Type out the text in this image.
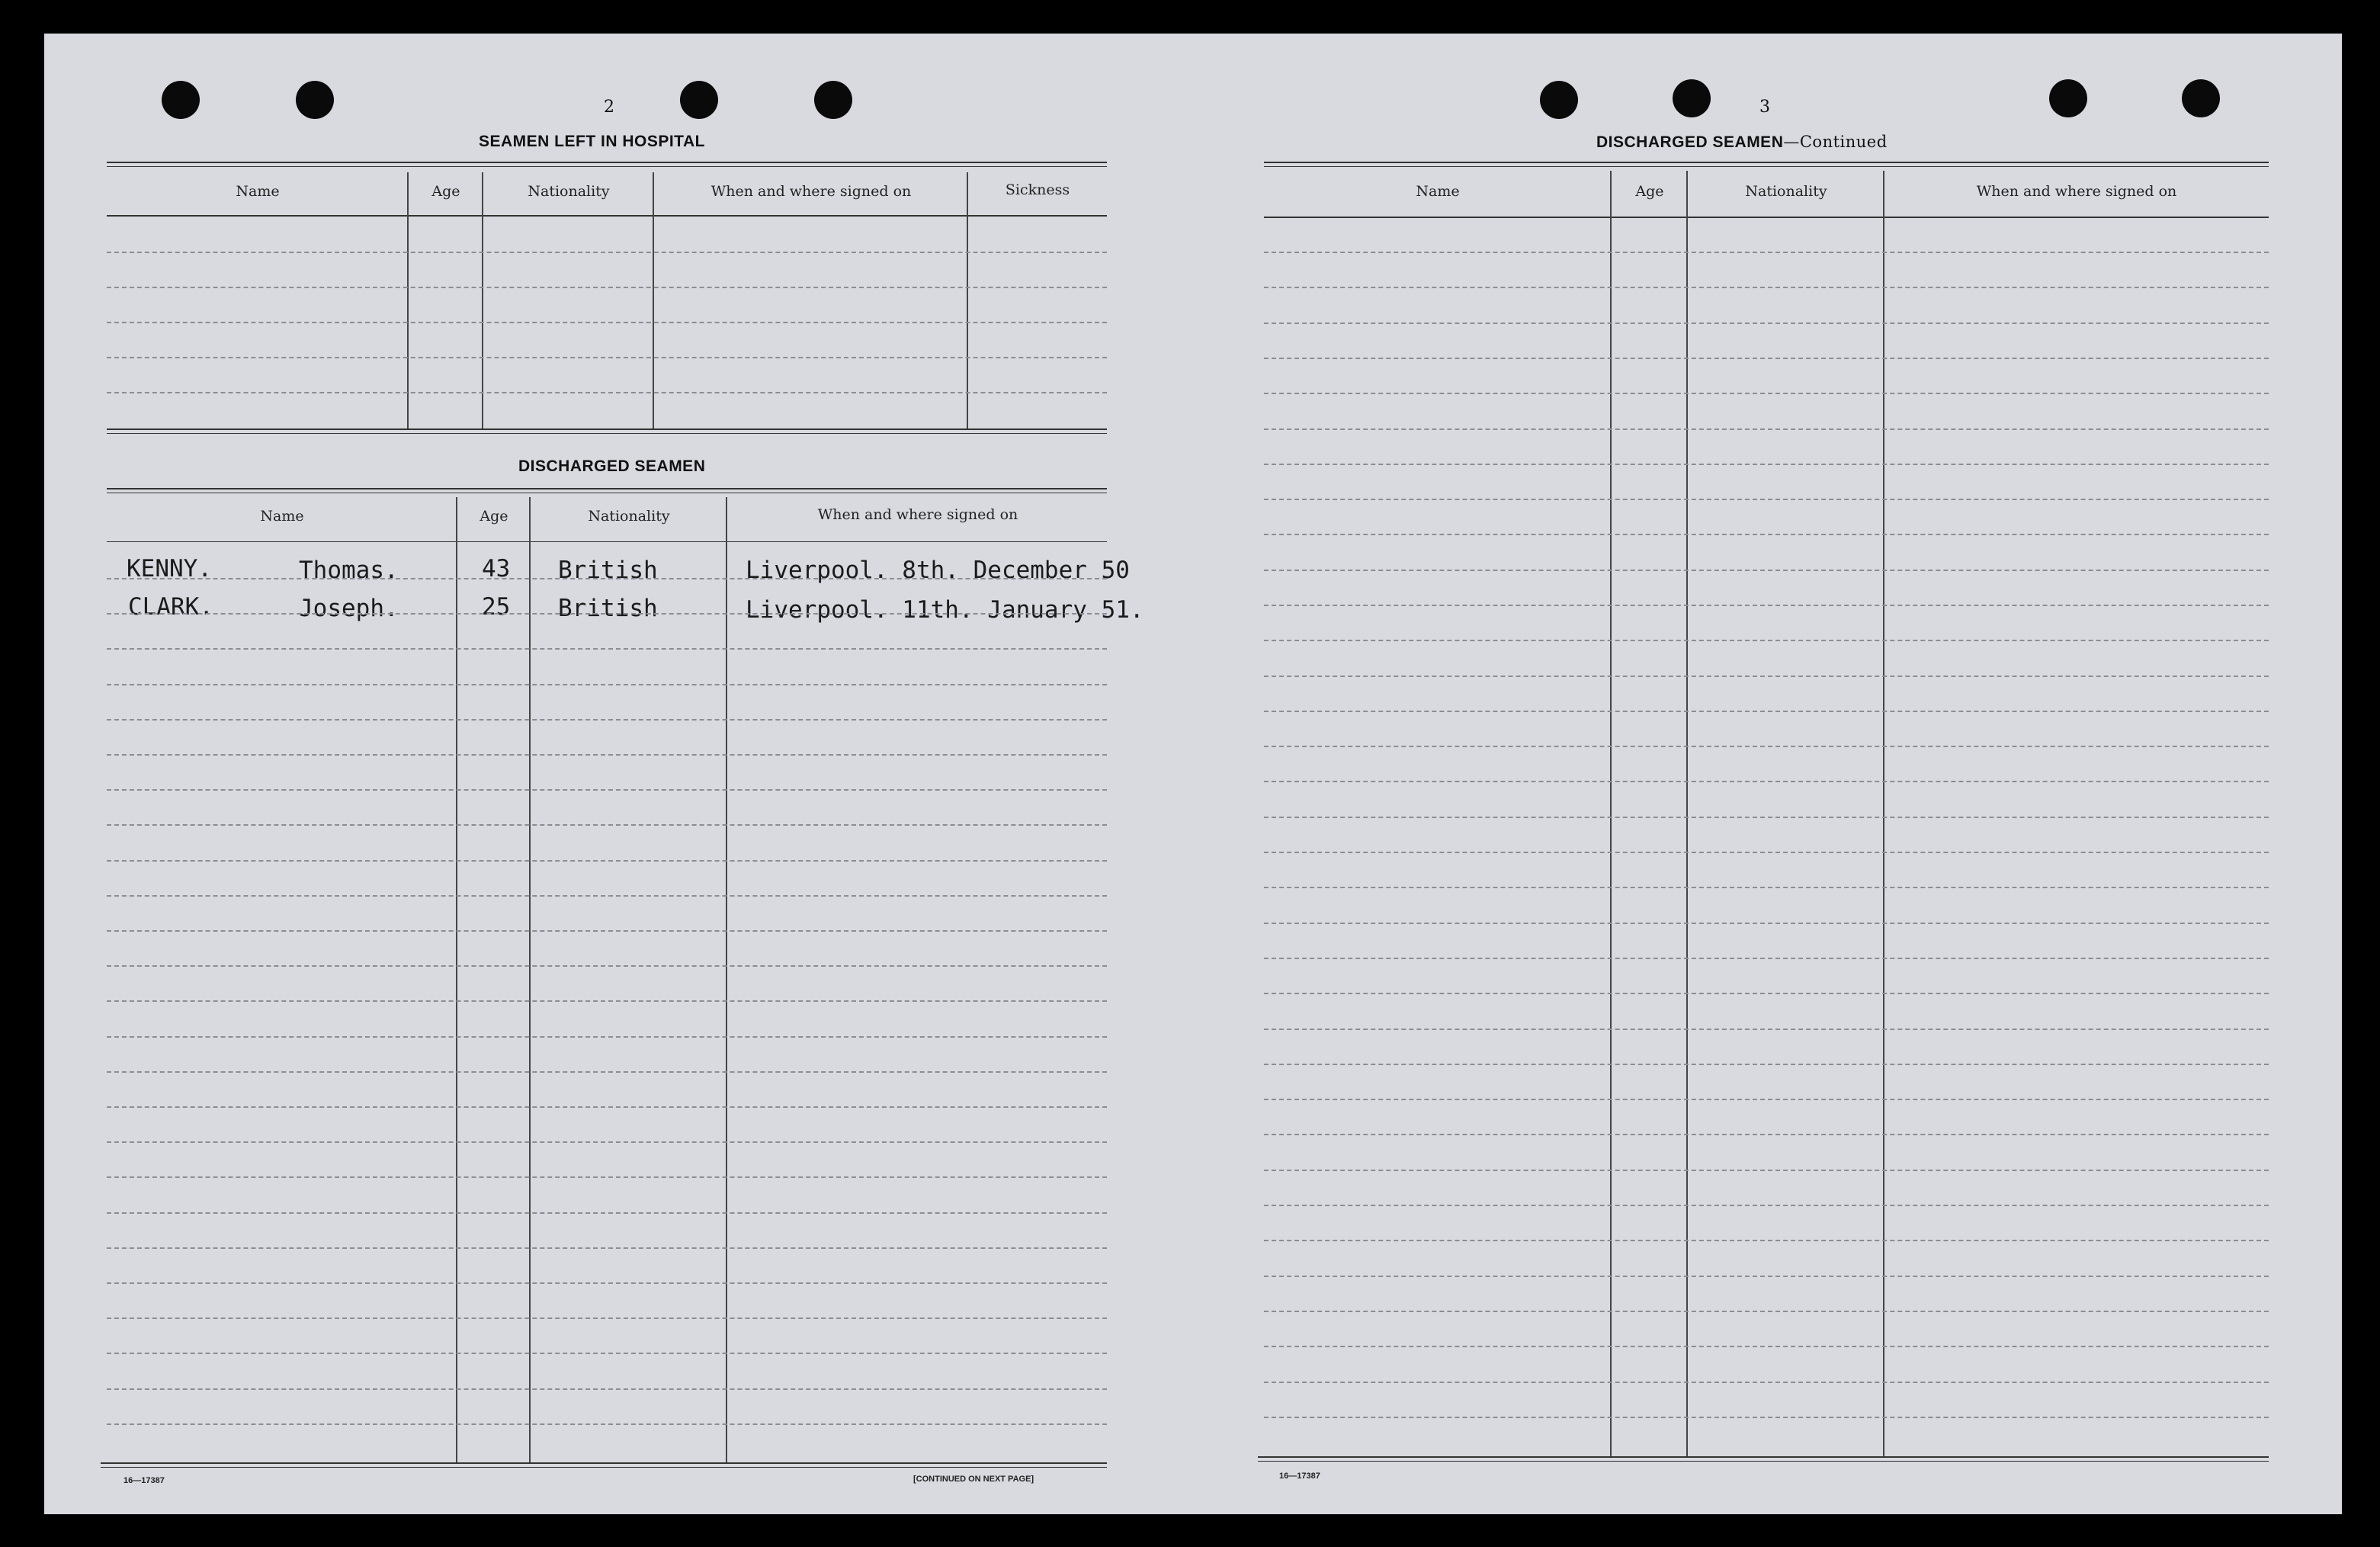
2
SEAMEN LEFT IN HOSPITAL
Name	Age	Nationality	When and where signed on	Sickness
DISCHARGED SEAMEN
Name	Age	Nationality	When and where signed on
KENNY.	Thomas.	43 British	Liverpool. 8th. December 50
CLARK.	Joseph.	25 British	Liverpool. 11th. January 51.
16—17387	[CONTINUED ON NEXT PAGE]
3
DISCHARGED SEAMEN—Continued
Name	Age	Nationality	When and where signed on
16—17387
